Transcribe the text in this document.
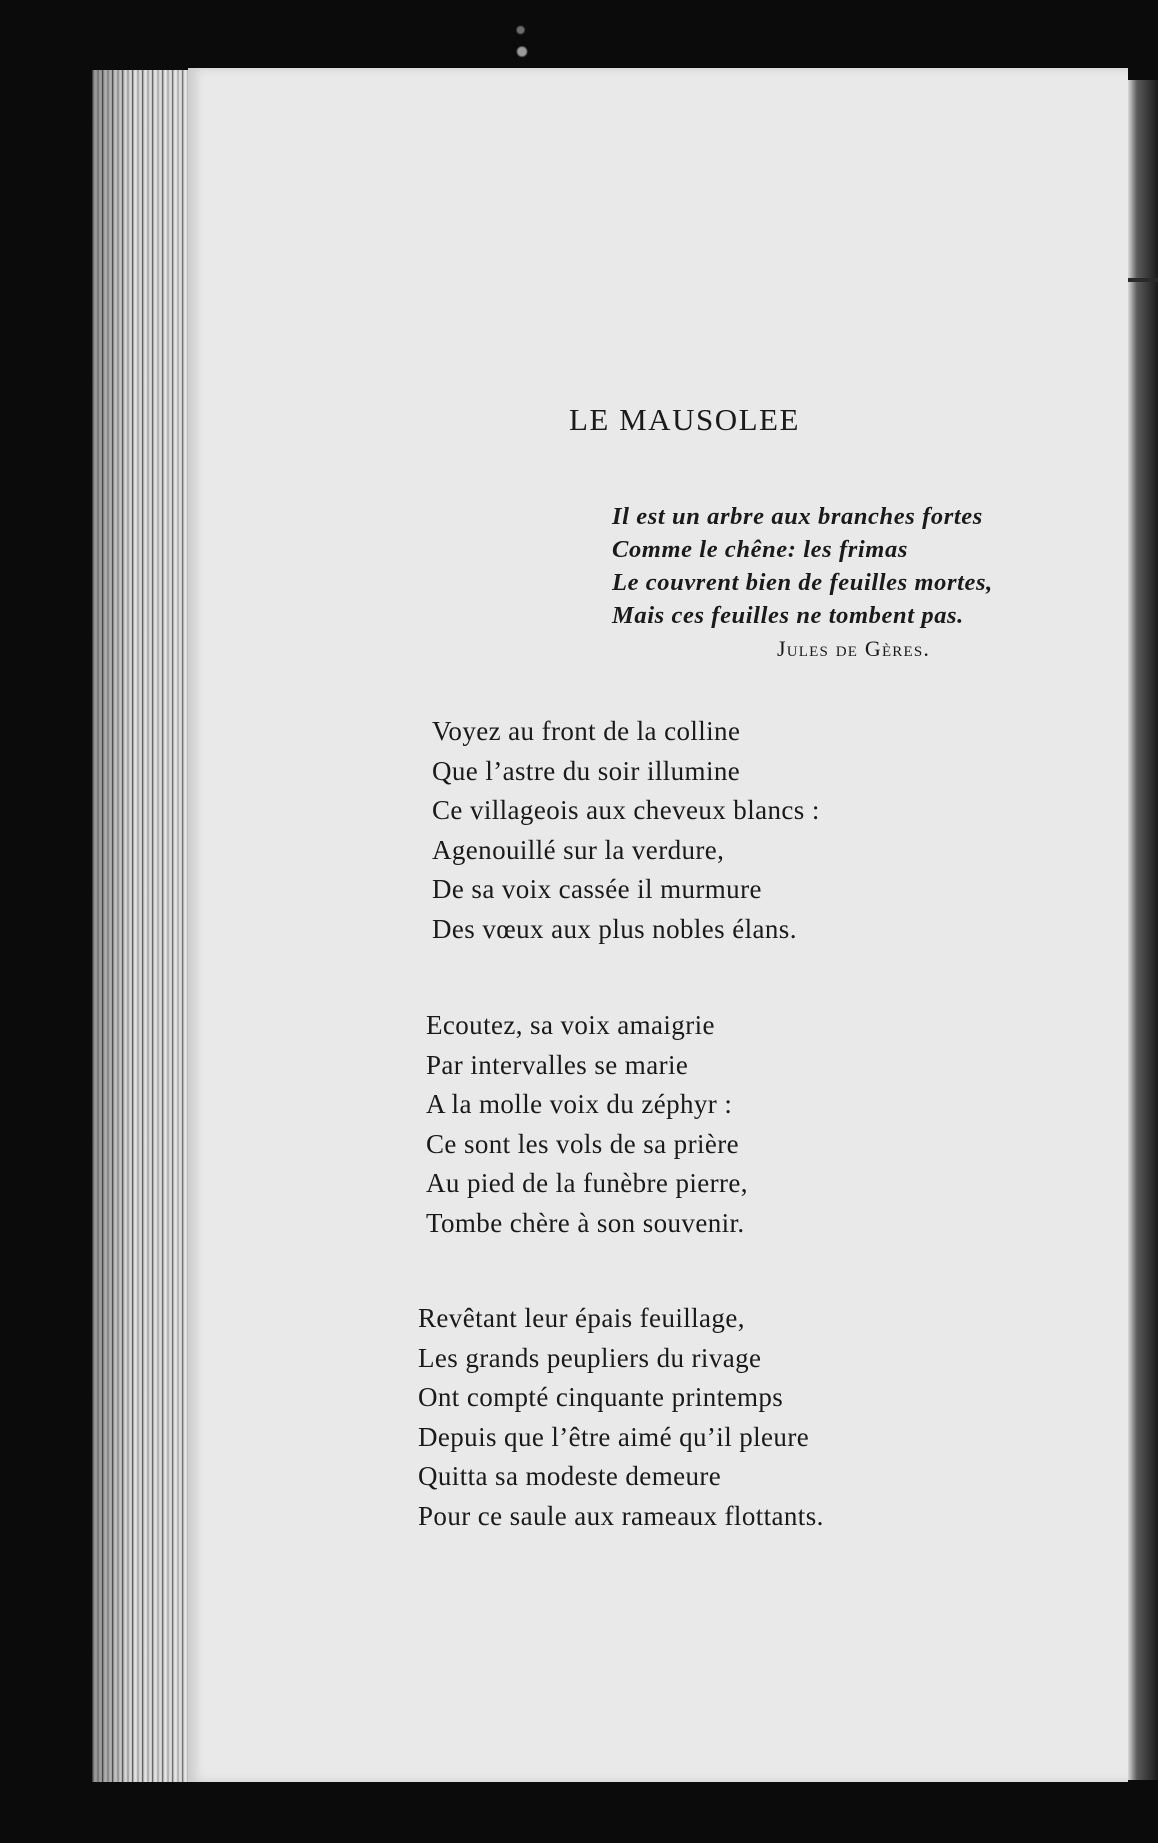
LE MAUSOLEE
Il est un arbre aux branches fortes
Comme le chêne: les frimas
Le couvrent bien de feuilles mortes,
Mais ces feuilles ne tombent pas.
Jules de Gères.
Voyez au front de la colline
Que l’astre du soir illumine
Ce villageois aux cheveux blancs :
Agenouillé sur la verdure,
De sa voix cassée il murmure
Des vœux aux plus nobles élans.
Ecoutez, sa voix amaigrie
Par intervalles se marie
A la molle voix du zéphyr :
Ce sont les vols de sa prière
Au pied de la funèbre pierre,
Tombe chère à son souvenir.
Revêtant leur épais feuillage,
Les grands peupliers du rivage
Ont compté cinquante printemps
Depuis que l’être aimé qu’il pleure
Quitta sa modeste demeure
Pour ce saule aux rameaux flottants.
